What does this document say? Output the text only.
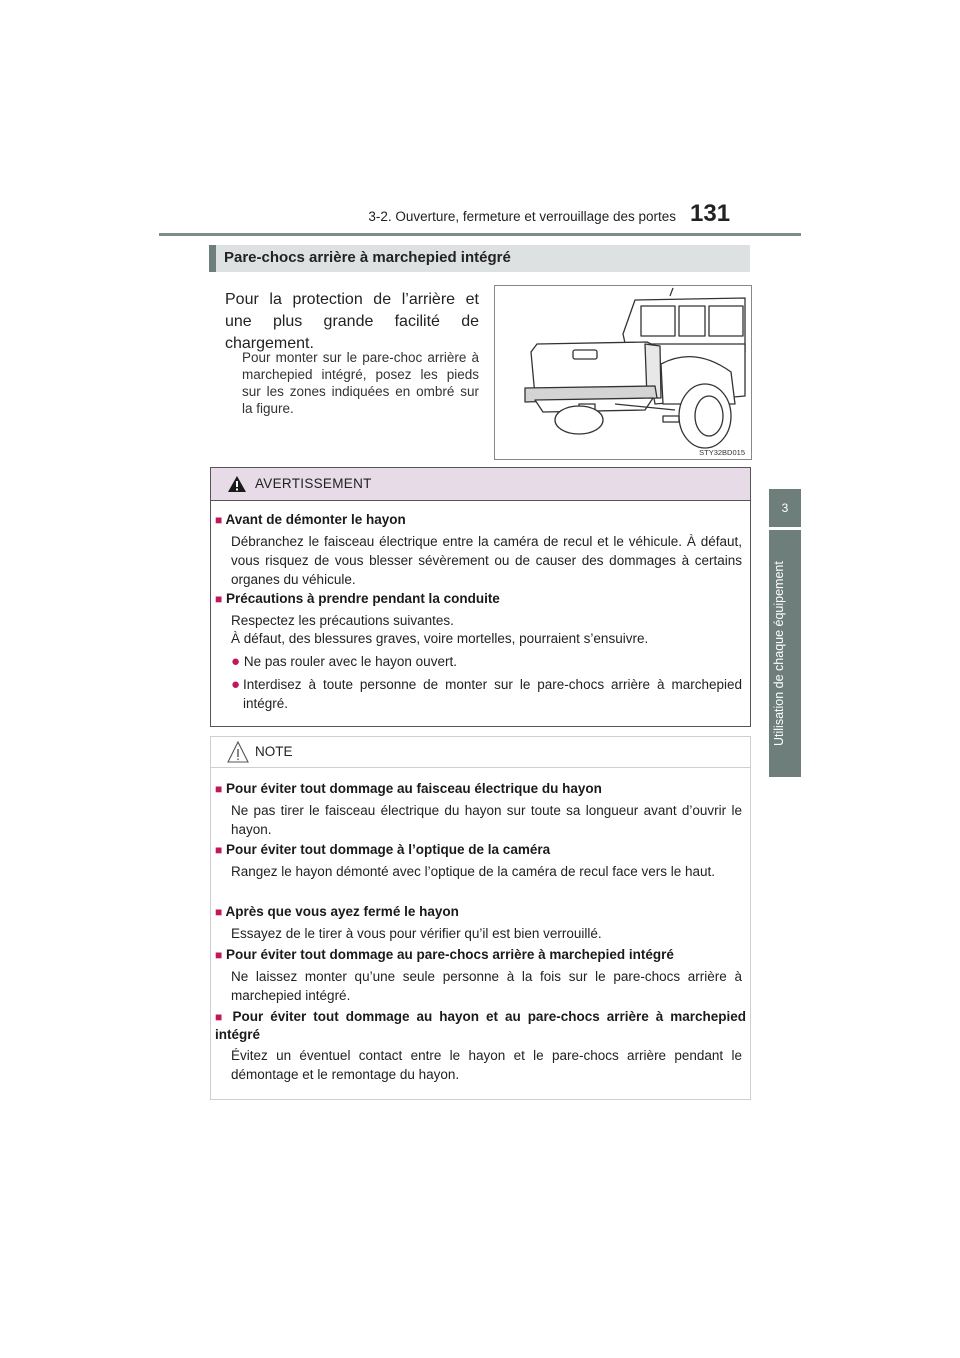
3-2. Ouverture, fermeture et verrouillage des portes 131
3
Utilisation de chaque équipement
Pare-chocs arrière à marchepied intégré
Pour la protection de l’arrière et une plus grande facilité de chargement.
Pour monter sur le pare-choc arrière à marchepied intégré, posez les pieds sur les zones indiquées en ombré sur la figure.
STY32BD015
AVERTISSEMENT
■ Avant de démonter le hayon
Débranchez le faisceau électrique entre la caméra de recul et le véhicule. À défaut, vous risquez de vous blesser sévèrement ou de causer des dommages à certains organes du véhicule.
■ Précautions à prendre pendant la conduite
Respectez les précautions suivantes.
À défaut, des blessures graves, voire mortelles, pourraient s’ensuivre.
● Ne pas rouler avec le hayon ouvert.
● Interdisez à toute personne de monter sur le pare-chocs arrière à marchepied intégré.
NOTE
■ Pour éviter tout dommage au faisceau électrique du hayon
Ne pas tirer le faisceau électrique du hayon sur toute sa longueur avant d’ouvrir le hayon.
■ Pour éviter tout dommage à l’optique de la caméra
Rangez le hayon démonté avec l’optique de la caméra de recul face vers le haut.
■ Après que vous ayez fermé le hayon
Essayez de le tirer à vous pour vérifier qu’il est bien verrouillé.
■ Pour éviter tout dommage au pare-chocs arrière à marchepied intégré
Ne laissez monter qu’une seule personne à la fois sur le pare-chocs arrière à marchepied intégré.
■ Pour éviter tout dommage au hayon et au pare-chocs arrière à marchepied intégré
Évitez un éventuel contact entre le hayon et le pare-chocs arrière pendant le démontage et le remontage du hayon.
